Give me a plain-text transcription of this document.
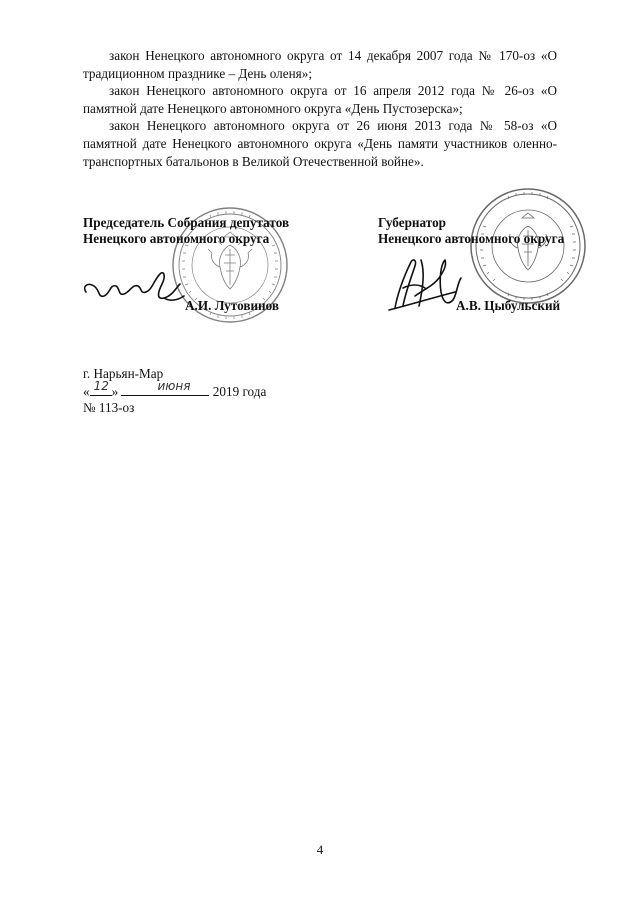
закон Ненецкого автономного округа от 14 декабря 2007 года № 170-оз «О традиционном празднике – День оленя»;

закон Ненецкого автономного округа от 16 апреля 2012 года № 26-оз «О памятной дате Ненецкого автономного округа «День Пустозерска»;

закон Ненецкого автономного округа от 26 июня 2013 года № 58-оз «О памятной дате Ненецкого автономного округа «День памяти участников оленно-транспортных батальонов в Великой Отечественной войне».

Председатель Собрания депутатов
Ненецкого автономного округа
А.И. Лутовинов
Губернатор
Ненецкого автономного округа
А.В. Цыбульский
г. Нарьян-Мар
« 12 »	июня 2019 года
№ 113-оз
4
